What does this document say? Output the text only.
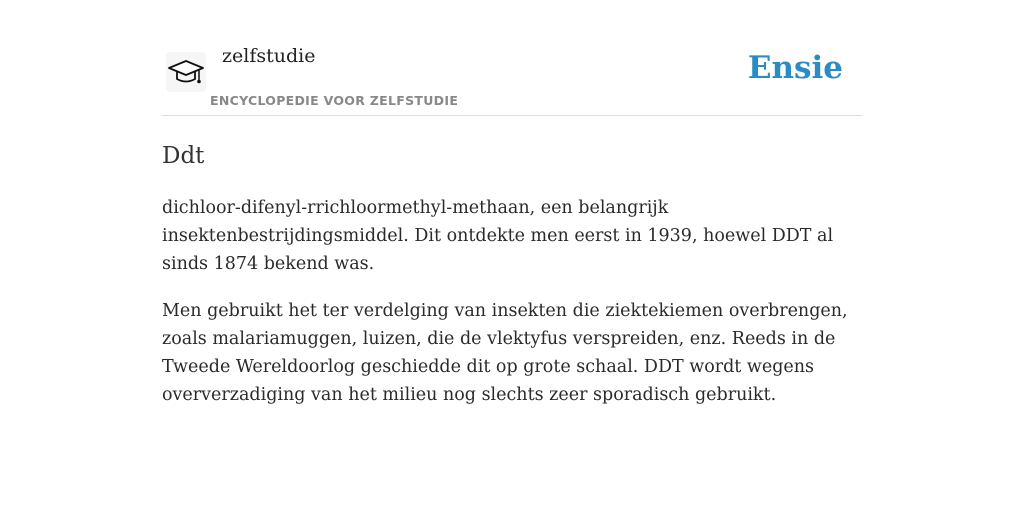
zelfstudie
ENCYCLOPEDIE VOOR ZELFSTUDIE
Ensie
Ddt

dichloor-difenyl-rrichloormethyl-methaan, een belangrijk insektenbestrijdingsmiddel. Dit ontdekte men eerst in 1939, hoewel DDT al sinds 1874 bekend was.

Men gebruikt het ter verdelging van insekten die ziektekiemen overbrengen, zoals malariamuggen, luizen, die de vlektyfus verspreiden, enz. Reeds in de Tweede Wereldoorlog geschiedde dit op grote schaal. DDT wordt wegens oververzadiging van het milieu nog slechts zeer sporadisch gebruikt.
